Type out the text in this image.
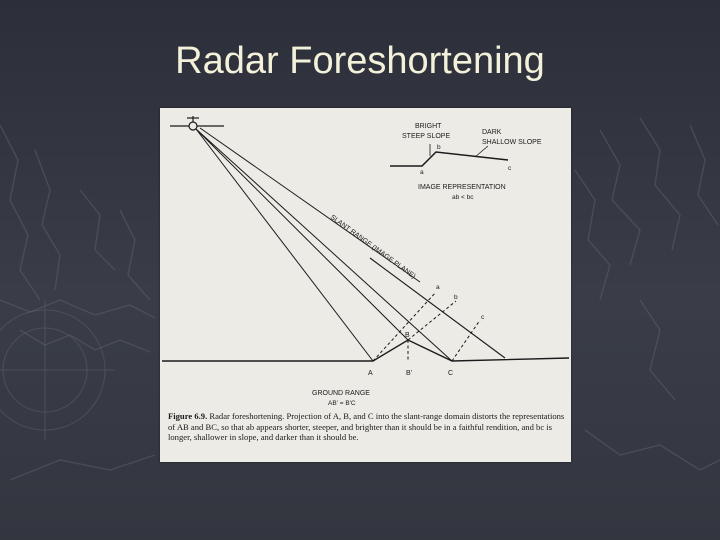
Radar Foreshortening
A
B
B'	C
a
b
c
SLANT RANGE (IMAGE PLANE)
BRIGHT
STEEP SLOPE
DARK
SHALLOW SLOPE
a
b
c
IMAGE REPRESENTATION
ab < bc
GROUND RANGE
AB' = B'C
Figure 6.9. Radar foreshortening. Projection of A, B, and C into the slant-range domain distorts the representations of AB and BC, so that ab appears shorter, steeper, and brighter than it should be in a faithful rendition, and bc is longer, shallower in slope, and darker than it should be.
